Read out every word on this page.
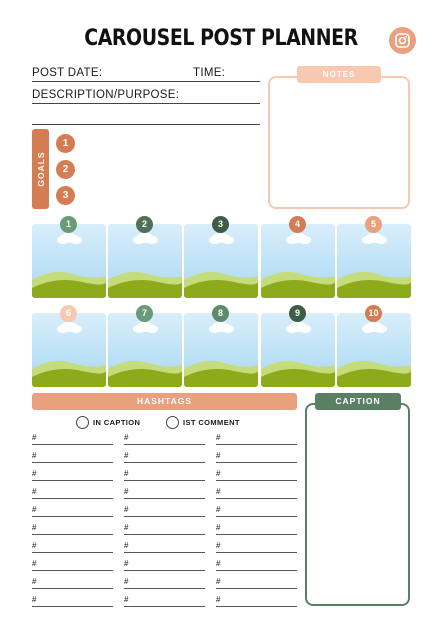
CAROUSEL POST PLANNER
POST DATE:	TIME:
DESCRIPTION/PURPOSE:
NOTES
GOALS
1
2
3
1	2	3	4	5
6	7	8	9	10
HASHTAGS
IN CAPTION	IST COMMENT
#
#
#
#
#
#
#
#
#
#
#
#
#
#
#
#
#
#
#
#
#
#
#
#
#
#
#
#
#
#
CAPTION
